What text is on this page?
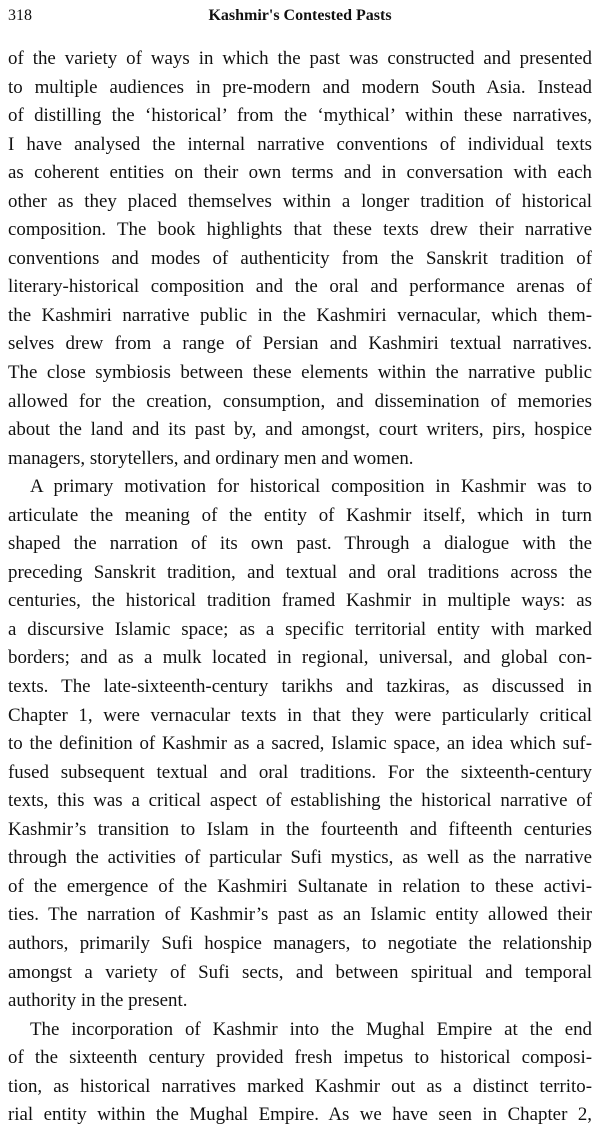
318	Kashmir's Contested Pasts
of the variety of ways in which the past was constructed and presented
to multiple audiences in pre-modern and modern South Asia. Instead
of distilling the ‘historical’ from the ‘mythical’ within these narratives,
I have analysed the internal narrative conventions of individual texts
as coherent entities on their own terms and in conversation with each
other as they placed themselves within a longer tradition of historical
composition. The book highlights that these texts drew their narrative
conventions and modes of authenticity from the Sanskrit tradition of
literary-historical composition and the oral and performance arenas of
the Kashmiri narrative public in the Kashmiri vernacular, which them-
selves drew from a range of Persian and Kashmiri textual narratives.
The close symbiosis between these elements within the narrative public
allowed for the creation, consumption, and dissemination of memories
about the land and its past by, and amongst, court writers, pirs, hospice
managers, storytellers, and ordinary men and women.
A primary motivation for historical composition in Kashmir was to
articulate the meaning of the entity of Kashmir itself, which in turn
shaped the narration of its own past. Through a dialogue with the
preceding Sanskrit tradition, and textual and oral traditions across the
centuries, the historical tradition framed Kashmir in multiple ways: as
a discursive Islamic space; as a specific territorial entity with marked
borders; and as a mulk located in regional, universal, and global con-
texts. The late-sixteenth-century tarikhs and tazkiras, as discussed in
Chapter 1, were vernacular texts in that they were particularly critical
to the definition of Kashmir as a sacred, Islamic space, an idea which suf-
fused subsequent textual and oral traditions. For the sixteenth-century
texts, this was a critical aspect of establishing the historical narrative of
Kashmir’s transition to Islam in the fourteenth and fifteenth centuries
through the activities of particular Sufi mystics, as well as the narrative
of the emergence of the Kashmiri Sultanate in relation to these activi-
ties. The narration of Kashmir’s past as an Islamic entity allowed their
authors, primarily Sufi hospice managers, to negotiate the relationship
amongst a variety of Sufi sects, and between spiritual and temporal
authority in the present.
The incorporation of Kashmir into the Mughal Empire at the end
of the sixteenth century provided fresh impetus to historical composi-
tion, as historical narratives marked Kashmir out as a distinct territo-
rial entity within the Mughal Empire. As we have seen in Chapter 2,
